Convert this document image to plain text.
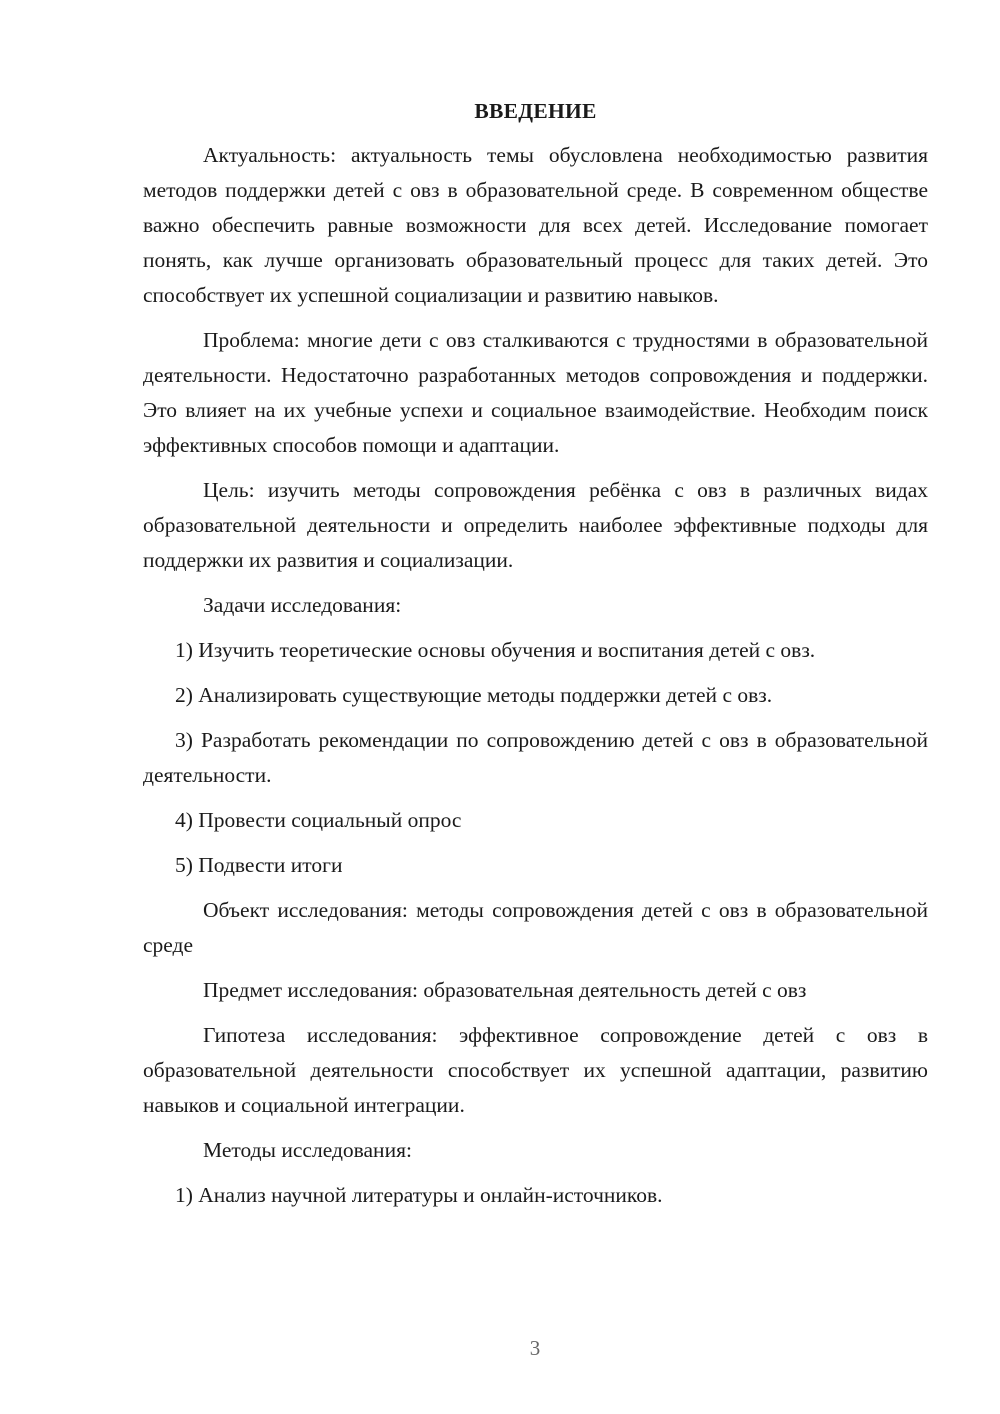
ВВЕДЕНИЕ

Актуальность: актуальность темы обусловлена необходимостью развития методов поддержки детей с овз в образовательной среде. В современном обществе важно обеспечить равные возможности для всех детей. Исследование помогает понять, как лучше организовать образовательный процесс для таких детей. Это способствует их успешной социализации и развитию навыков.

Проблема: многие дети с овз сталкиваются с трудностями в образовательной деятельности. Недостаточно разработанных методов сопровождения и поддержки. Это влияет на их учебные успехи и социальное взаимодействие. Необходим поиск эффективных способов помощи и адаптации.

Цель: изучить методы сопровождения ребёнка с овз в различных видах образовательной деятельности и определить наиболее эффективные подходы для поддержки их развития и социализации.

Задачи исследования:

1) Изучить теоретические основы обучения и воспитания детей с овз.

2) Анализировать существующие методы поддержки детей с овз.

3) Разработать рекомендации по сопровождению детей с овз в образовательной деятельности.

4) Провести социальный опрос

5) Подвести итоги

Объект исследования: методы сопровождения детей с овз в образовательной среде

Предмет исследования: образовательная деятельность детей с овз

Гипотеза исследования: эффективное сопровождение детей с овз в образовательной деятельности способствует их успешной адаптации, развитию навыков и социальной интеграции.

Методы исследования:

1) Анализ научной литературы и онлайн-источников.

3
